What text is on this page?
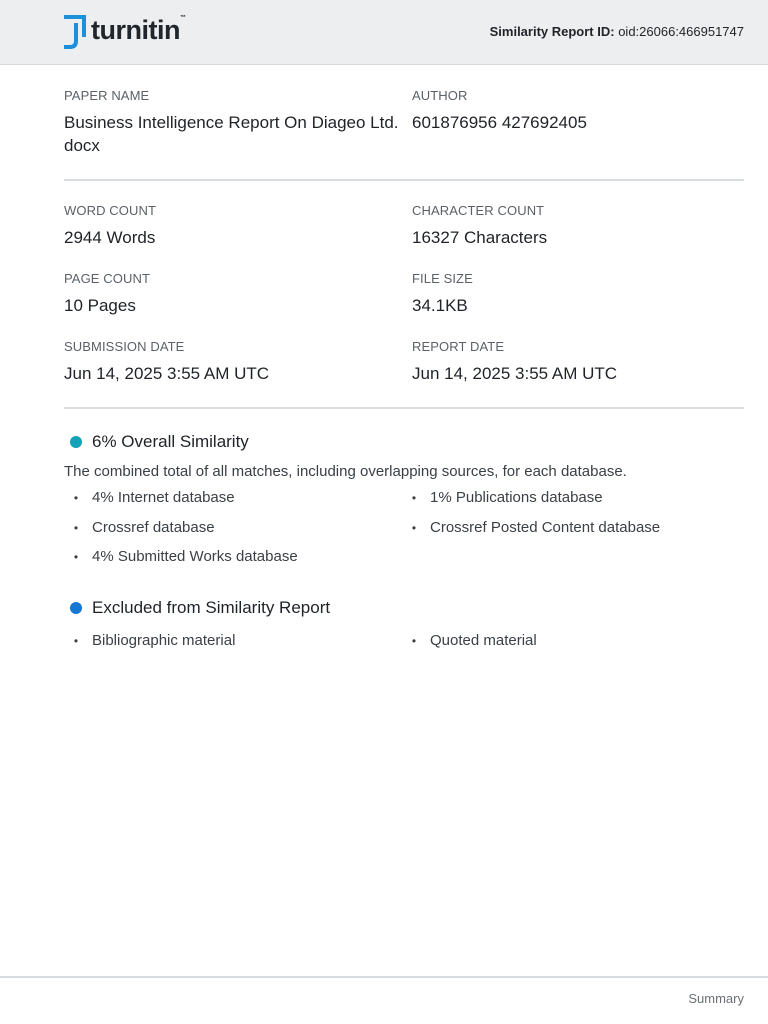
turnitin™
Similarity Report ID: oid:26066:466951747
PAPER NAME
Business Intelligence Report On Diageo Ltd.docx
AUTHOR
601876956 427692405
WORD COUNT
2944 Words
CHARACTER COUNT
16327 Characters
PAGE COUNT
10 Pages
FILE SIZE
34.1KB
SUBMISSION DATE
Jun 14, 2025 3:55 AM UTC
REPORT DATE
Jun 14, 2025 3:55 AM UTC
6% Overall Similarity
The combined total of all matches, including overlapping sources, for each database.
• 4% Internet database	• 1% Publications database
• Crossref database	• Crossref Posted Content database
• 4% Submitted Works database
Excluded from Similarity Report
• Bibliographic material	• Quoted material
Summary
